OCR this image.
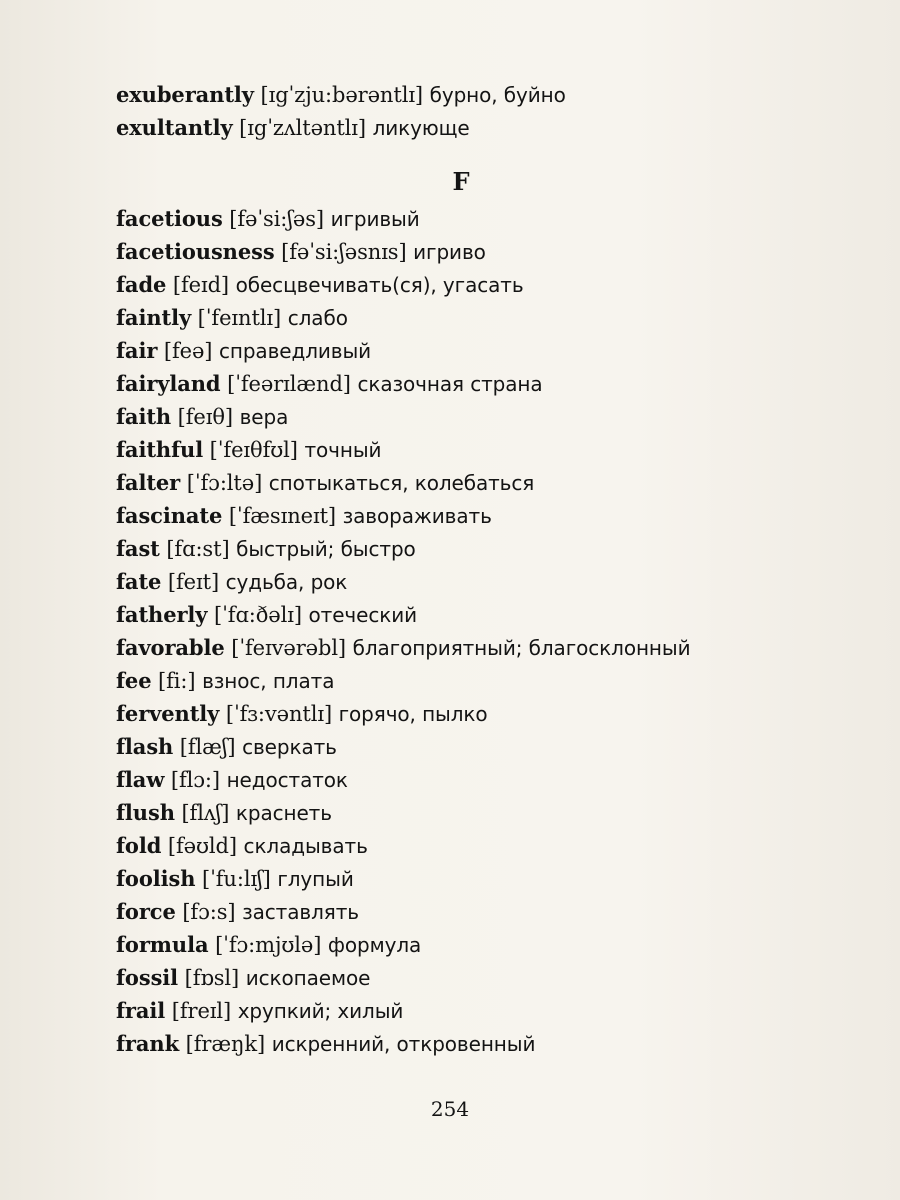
exuberantly [ɪgˈzju:bərəntlɪ] бурно, буйно
exultantly [ɪgˈzʌltəntlɪ] ликующе
F
facetious [fəˈsi:ʃəs] игривый
facetiousness [fəˈsi:ʃəsnɪs] игриво
fade [feɪd] обесцвечивать(ся), угасать
faintly [ˈfeɪntlɪ] слабо
fair [feə] справедливый
fairyland [ˈfeərɪlænd] сказочная страна
faith [feɪθ] вера
faithful [ˈfeɪθfʊl] точный
falter [ˈfɔ:ltə] спотыкаться, колебаться
fascinate [ˈfæsɪneɪt] завораживать
fast [fɑ:st] быстрый; быстро
fate [feɪt] судьба, рок
fatherly [ˈfɑ:ðəlɪ] отеческий
favorable [ˈfeɪvərəbl] благоприятный; благосклонный
fee [fi:] взнос, плата
fervently [ˈfɜ:vəntlɪ] горячо, пылко
flash [flæʃ] сверкать
flaw [flɔ:] недостаток
flush [flʌʃ] краснеть
fold [fəʊld] складывать
foolish [ˈfu:lɪʃ] глупый
force [fɔ:s] заставлять
formula [ˈfɔ:mjʊlə] формула
fossil [fɒsl] ископаемое
frail [freɪl] хрупкий; хилый
frank [fræŋk] искренний, откровенный
254
